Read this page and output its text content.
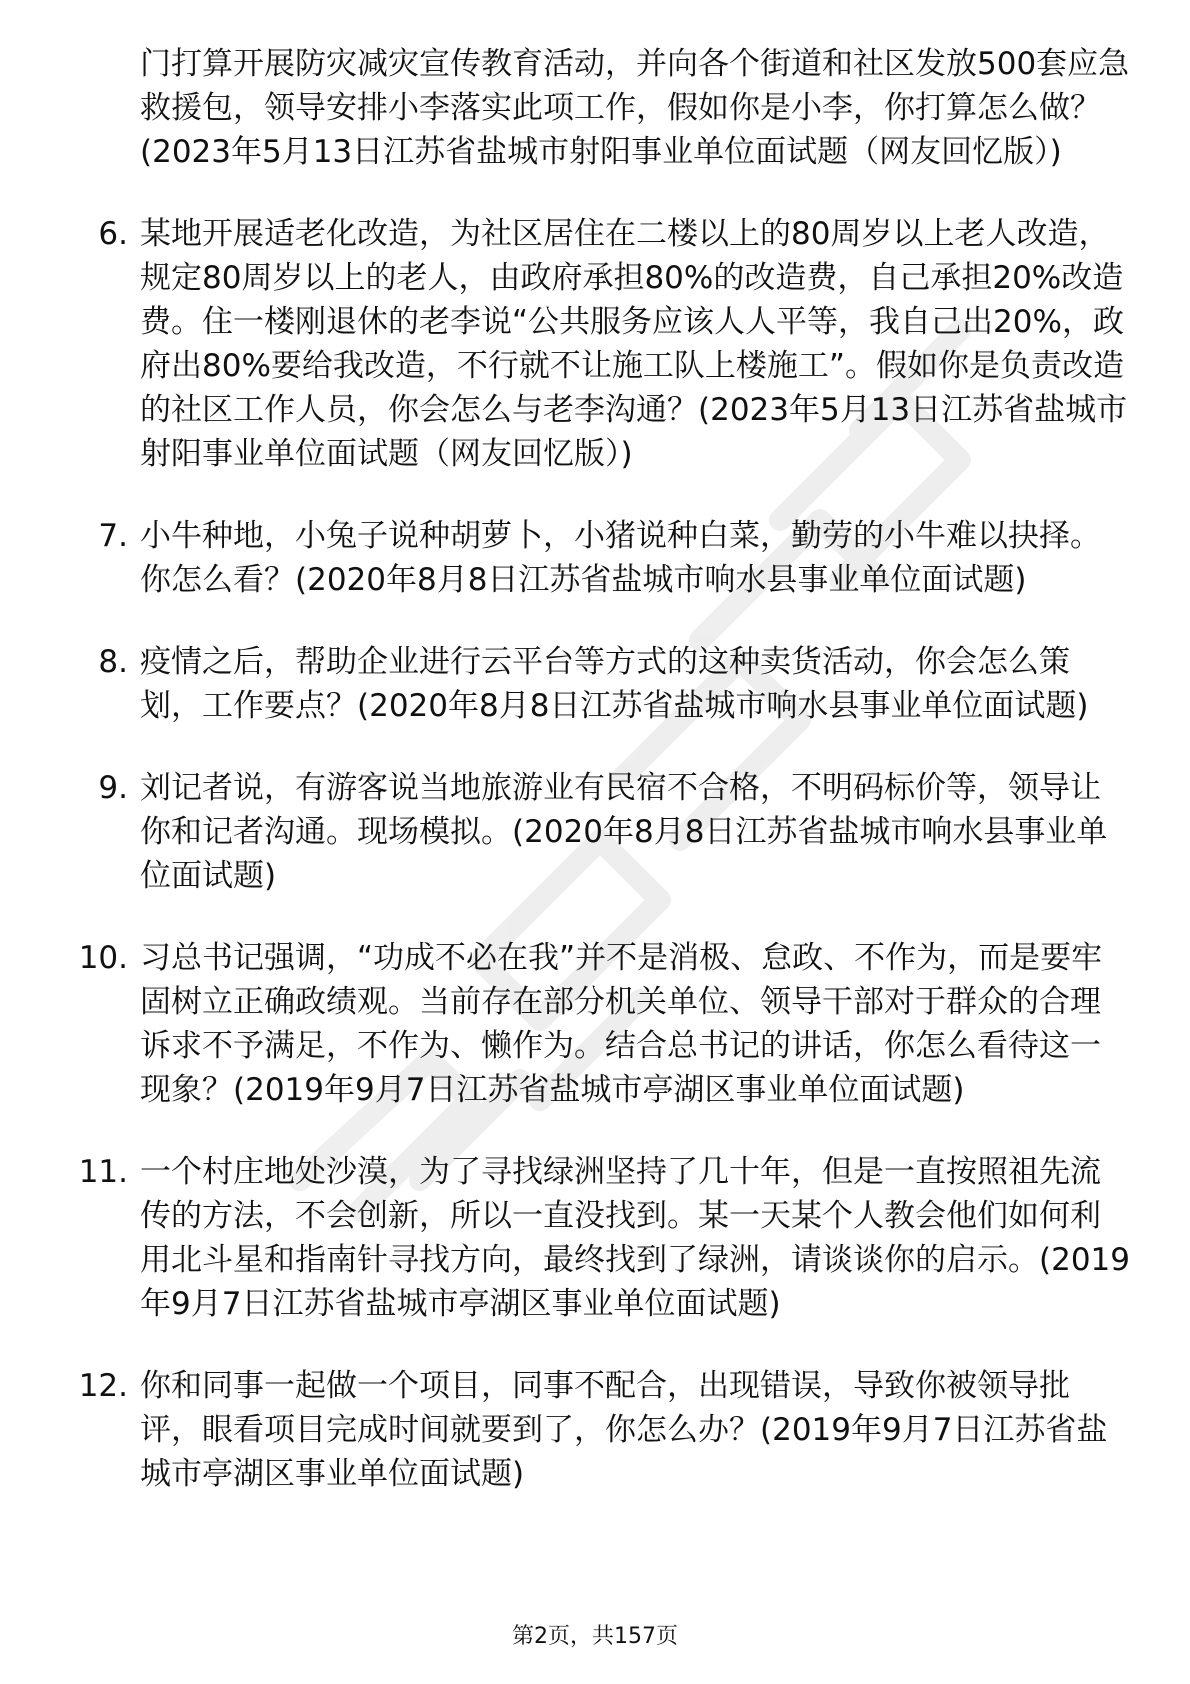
门打算开展防灾减灾宣传教育活动，并向各个街道和社区发放500套应急救援包，领导安排小李落实此项工作，假如你是小李，你打算怎么做？(2023年5月13日江苏省盐城市射阳事业单位面试题（网友回忆版）)
6. 某地开展适老化改造，为社区居住在二楼以上的80周岁以上老人改造，规定80周岁以上的老人，由政府承担80%的改造费，自己承担20%改造费。住一楼刚退休的老李说“公共服务应该人人平等，我自己出20%，政府出80%要给我改造，不行就不让施工队上楼施工”。假如你是负责改造的社区工作人员，你会怎么与老李沟通？(2023年5月13日江苏省盐城市射阳事业单位面试题（网友回忆版）)
7. 小牛种地，小兔子说种胡萝卜，小猪说种白菜，勤劳的小牛难以抉择。你怎么看？(2020年8月8日江苏省盐城市响水县事业单位面试题)
8. 疫情之后，帮助企业进行云平台等方式的这种卖货活动，你会怎么策划，工作要点？(2020年8月8日江苏省盐城市响水县事业单位面试题)
9. 刘记者说，有游客说当地旅游业有民宿不合格，不明码标价等，领导让你和记者沟通。现场模拟。(2020年8月8日江苏省盐城市响水县事业单位面试题)
10. 习总书记强调，“功成不必在我”并不是消极、怠政、不作为，而是要牢固树立正确政绩观。当前存在部分机关单位、领导干部对于群众的合理诉求不予满足，不作为、懒作为。结合总书记的讲话，你怎么看待这一现象？(2019年9月7日江苏省盐城市亭湖区事业单位面试题)
11. 一个村庄地处沙漠，为了寻找绿洲坚持了几十年，但是一直按照祖先流传的方法，不会创新，所以一直没找到。某一天某个人教会他们如何利用北斗星和指南针寻找方向，最终找到了绿洲，请谈谈你的启示。(2019年9月7日江苏省盐城市亭湖区事业单位面试题)
12. 你和同事一起做一个项目，同事不配合，出现错误，导致你被领导批评，眼看项目完成时间就要到了，你怎么办？(2019年9月7日江苏省盐城市亭湖区事业单位面试题)
第2页，共157页
